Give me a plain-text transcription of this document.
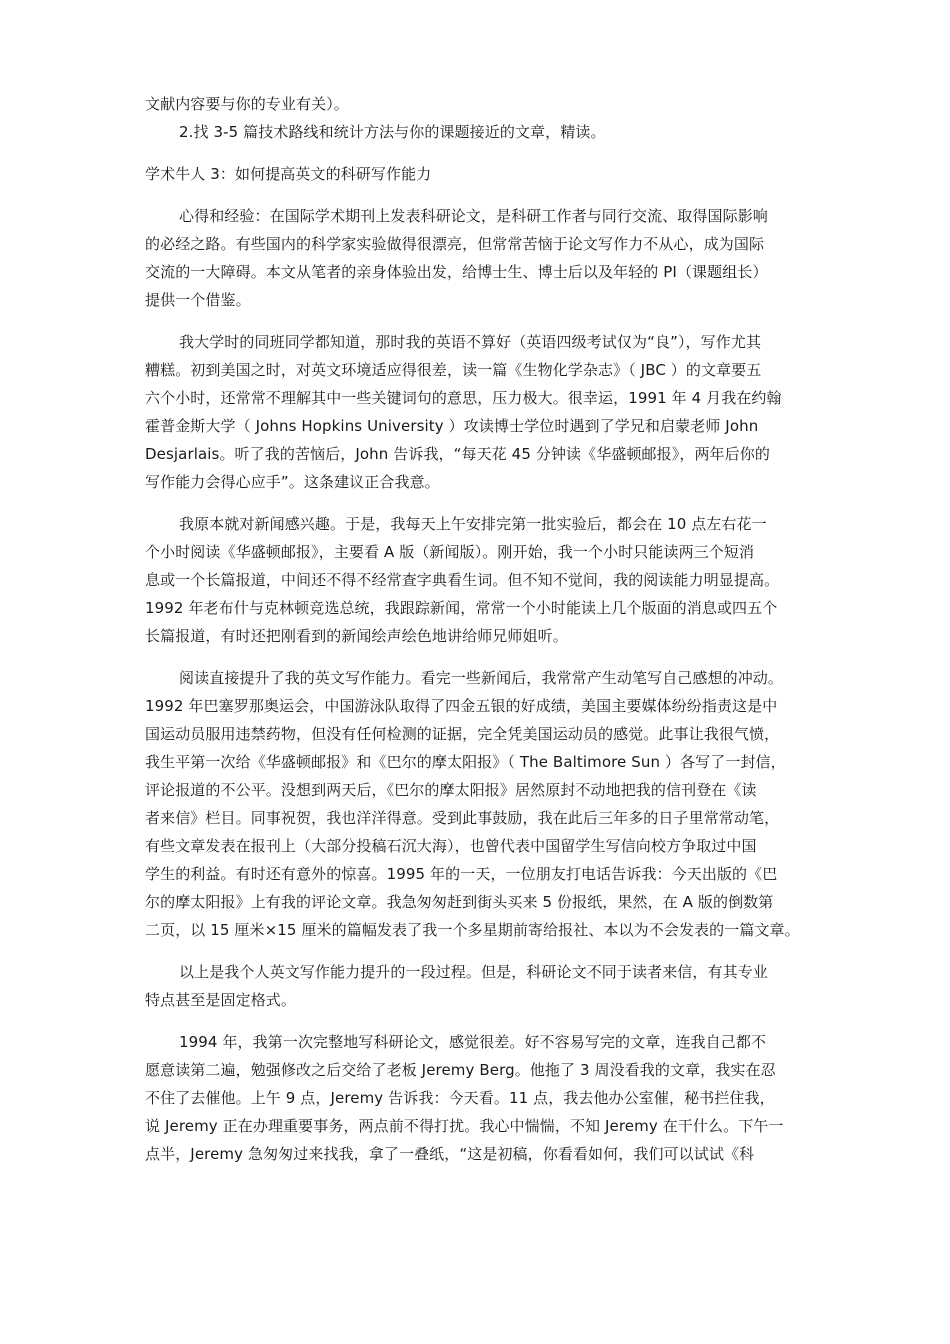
文献内容要与你的专业有关）。
2.找 3-5 篇技术路线和统计方法与你的课题接近的文章，精读。
学术牛人 3：如何提高英文的科研写作能力
心得和经验：在国际学术期刊上发表科研论文，是科研工作者与同行交流、取得国际影响
的必经之路。有些国内的科学家实验做得很漂亮，但常常苦恼于论文写作力不从心，成为国际
交流的一大障碍。本文从笔者的亲身体验出发，给博士生、博士后以及年轻的 PI（课题组长）
提供一个借鉴。
我大学时的同班同学都知道，那时我的英语不算好（英语四级考试仅为“良”），写作尤其
糟糕。初到美国之时，对英文环境适应得很差，读一篇《生物化学杂志》（ JBC ）的文章要五
六个小时，还常常不理解其中一些关键词句的意思，压力极大。很幸运，1991 年 4 月我在约翰
霍普金斯大学（ Johns Hopkins University ）攻读博士学位时遇到了学兄和启蒙老师 John
Desjarlais。听了我的苦恼后，John 告诉我，“每天花 45 分钟读《华盛顿邮报》，两年后你的
写作能力会得心应手”。这条建议正合我意。
我原本就对新闻感兴趣。于是，我每天上午安排完第一批实验后，都会在 10 点左右花一
个小时阅读《华盛顿邮报》，主要看 A 版（新闻版）。刚开始，我一个小时只能读两三个短消
息或一个长篇报道，中间还不得不经常查字典看生词。但不知不觉间，我的阅读能力明显提高。
1992 年老布什与克林顿竞选总统，我跟踪新闻，常常一个小时能读上几个版面的消息或四五个
长篇报道，有时还把刚看到的新闻绘声绘色地讲给师兄师姐听。
阅读直接提升了我的英文写作能力。看完一些新闻后，我常常产生动笔写自己感想的冲动。
1992 年巴塞罗那奥运会，中国游泳队取得了四金五银的好成绩，美国主要媒体纷纷指责这是中
国运动员服用违禁药物，但没有任何检测的证据，完全凭美国运动员的感觉。此事让我很气愤，
我生平第一次给《华盛顿邮报》和《巴尔的摩太阳报》（ The Baltimore Sun ）各写了一封信，
评论报道的不公平。没想到两天后，《巴尔的摩太阳报》居然原封不动地把我的信刊登在《读
者来信》栏目。同事祝贺，我也洋洋得意。受到此事鼓励，我在此后三年多的日子里常常动笔，
有些文章发表在报刊上（大部分投稿石沉大海），也曾代表中国留学生写信向校方争取过中国
学生的利益。有时还有意外的惊喜。1995 年的一天，一位朋友打电话告诉我：今天出版的《巴
尔的摩太阳报》上有我的评论文章。我急匆匆赶到街头买来 5 份报纸，果然，在 A 版的倒数第
二页，以 15 厘米×15 厘米的篇幅发表了我一个多星期前寄给报社、本以为不会发表的一篇文章。
以上是我个人英文写作能力提升的一段过程。但是，科研论文不同于读者来信，有其专业
特点甚至是固定格式。
1994 年，我第一次完整地写科研论文，感觉很差。好不容易写完的文章，连我自己都不
愿意读第二遍，勉强修改之后交给了老板 Jeremy Berg。他拖了 3 周没看我的文章，我实在忍
不住了去催他。上午 9 点，Jeremy 告诉我：今天看。11 点，我去他办公室催，秘书拦住我，
说 Jeremy 正在办理重要事务，两点前不得打扰。我心中惴惴，不知 Jeremy 在干什么。下午一
点半，Jeremy 急匆匆过来找我，拿了一叠纸，“这是初稿，你看看如何，我们可以试试《科
